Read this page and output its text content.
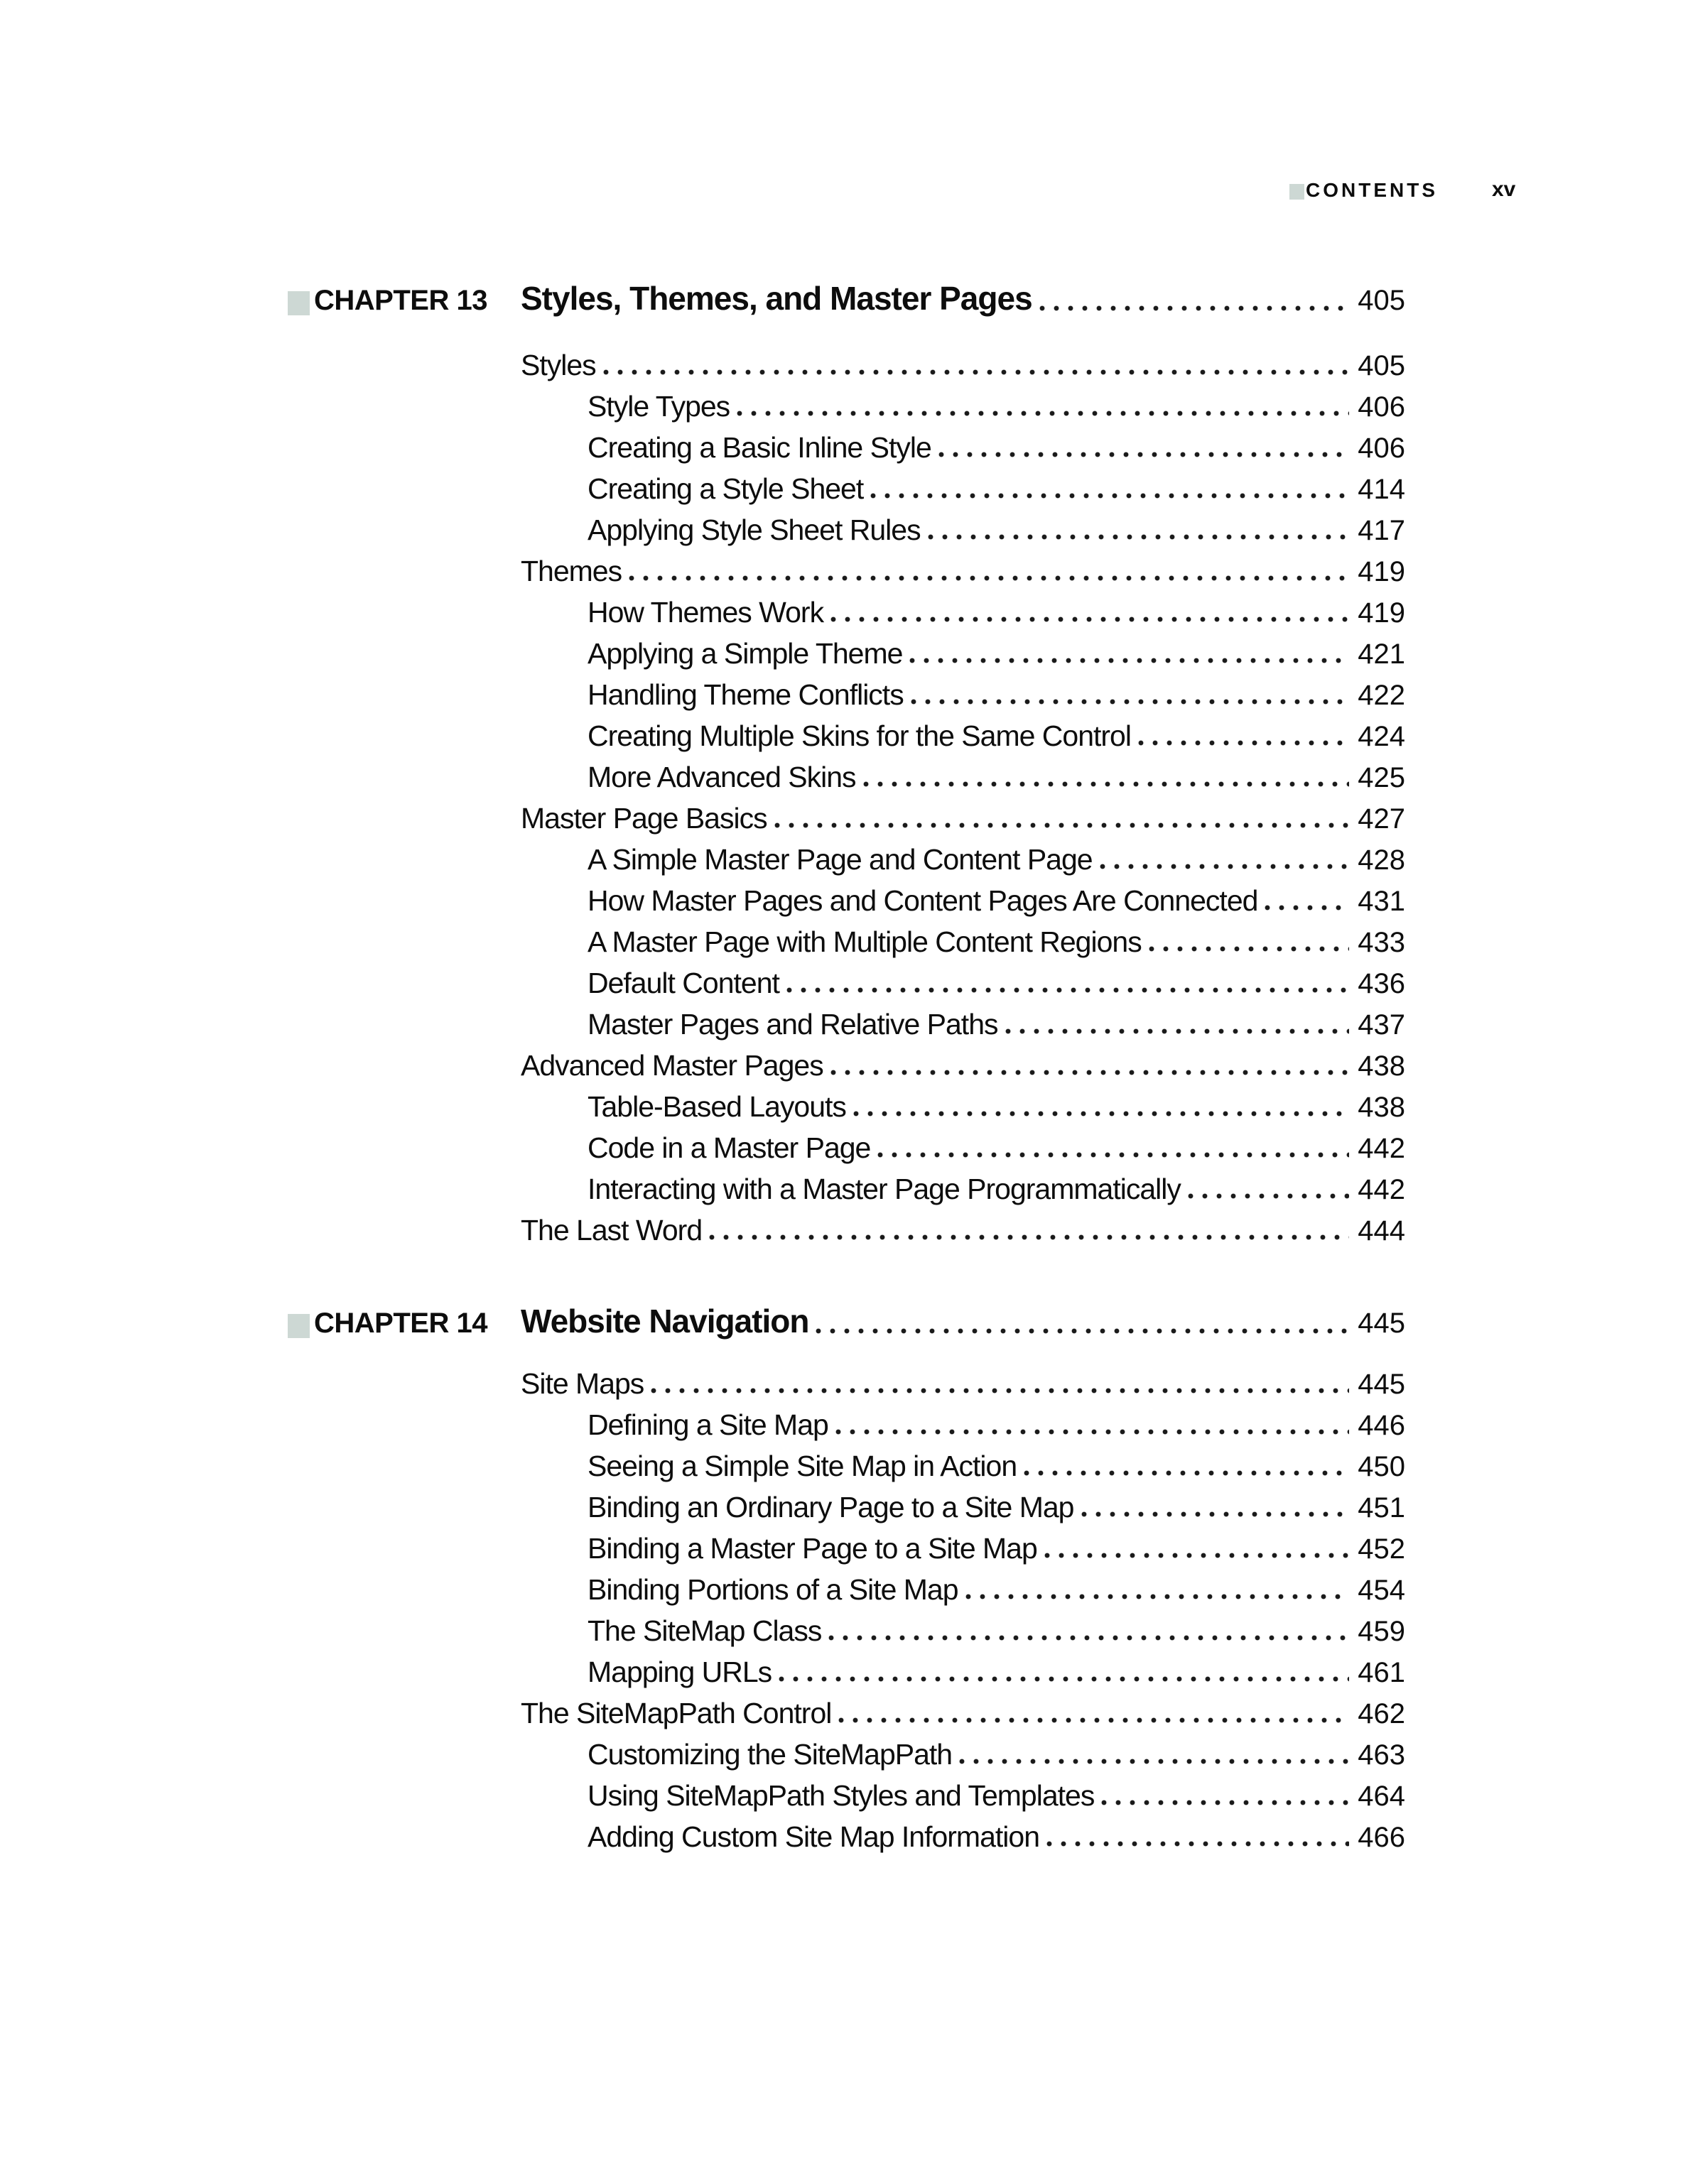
CONTENTS	xv
CHAPTER 13 Styles, Themes, and Master Pages	405
Styles	405
Style Types	406
Creating a Basic Inline Style	406
Creating a Style Sheet	414
Applying Style Sheet Rules	417
Themes	419
How Themes Work	419
Applying a Simple Theme	421
Handling Theme Conflicts	422
Creating Multiple Skins for the Same Control	424
More Advanced Skins	425
Master Page Basics	427
A Simple Master Page and Content Page	428
How Master Pages and Content Pages Are Connected	431
A Master Page with Multiple Content Regions	433
Default Content	436
Master Pages and Relative Paths	437
Advanced Master Pages	438
Table-Based Layouts	438
Code in a Master Page	442
Interacting with a Master Page Programmatically	442
The Last Word	444
CHAPTER 14 Website Navigation	445
Site Maps	445
Defining a Site Map	446
Seeing a Simple Site Map in Action	450
Binding an Ordinary Page to a Site Map	451
Binding a Master Page to a Site Map	452
Binding Portions of a Site Map	454
The SiteMap Class	459
Mapping URLs	461
The SiteMapPath Control	462
Customizing the SiteMapPath	463
Using SiteMapPath Styles and Templates	464
Adding Custom Site Map Information	466
